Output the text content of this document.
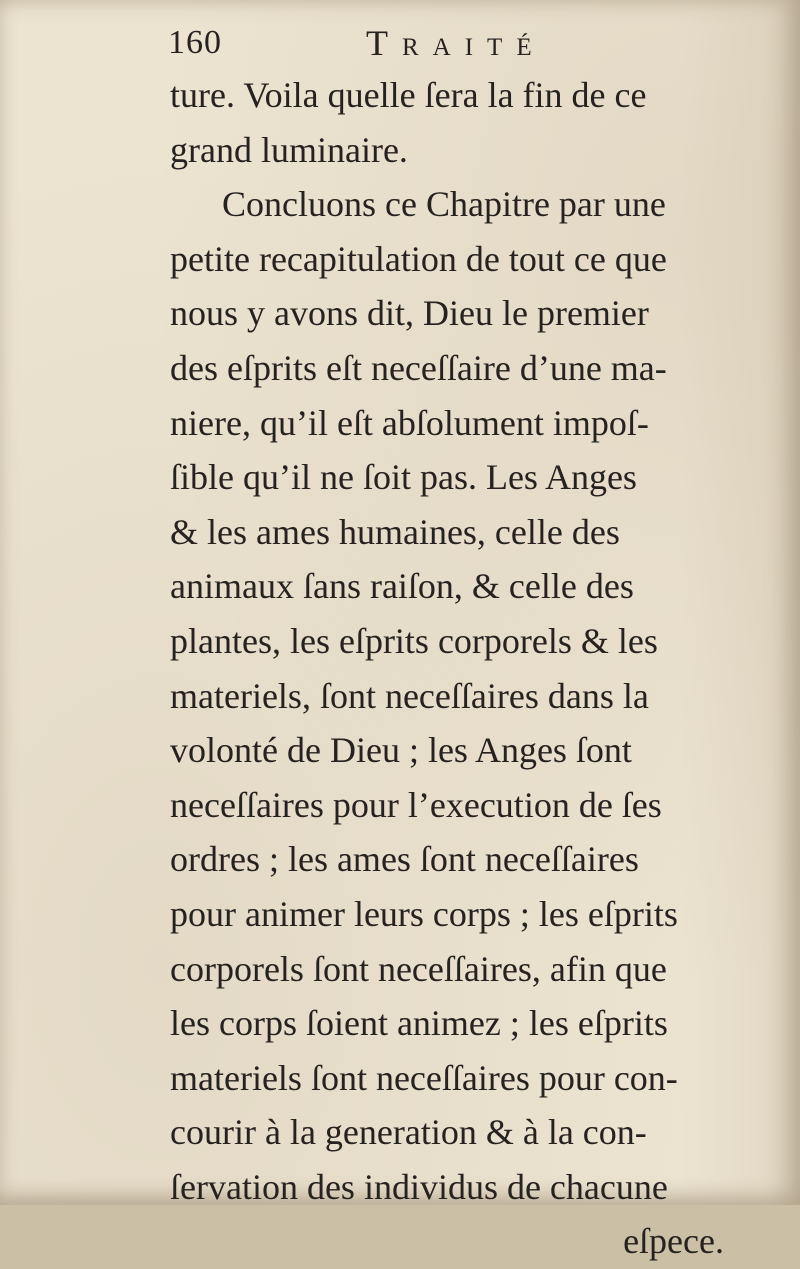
160	Traité
ture. Voila quelle ſera la fin de ce
grand luminaire.
Concluons ce Chapitre par une
petite recapitulation de tout ce que
nous y avons dit, Dieu le premier
des eſprits eſt neceſſaire d’une ma-
niere, qu’il eſt abſolument impoſ-
ſible qu’il ne ſoit pas. Les Anges
& les ames humaines, celle des
animaux ſans raiſon, & celle des
plantes, les eſprits corporels & les
materiels, ſont neceſſaires dans la
volonté de Dieu ; les Anges ſont
neceſſaires pour l’execution de ſes
ordres ; les ames ſont neceſſaires
pour animer leurs corps ; les eſprits
corporels ſont neceſſaires, afin que
les corps ſoient animez ; les eſprits
materiels ſont neceſſaires pour con-
courir à la generation & à la con-
ſervation des individus de chacune
eſpece.
